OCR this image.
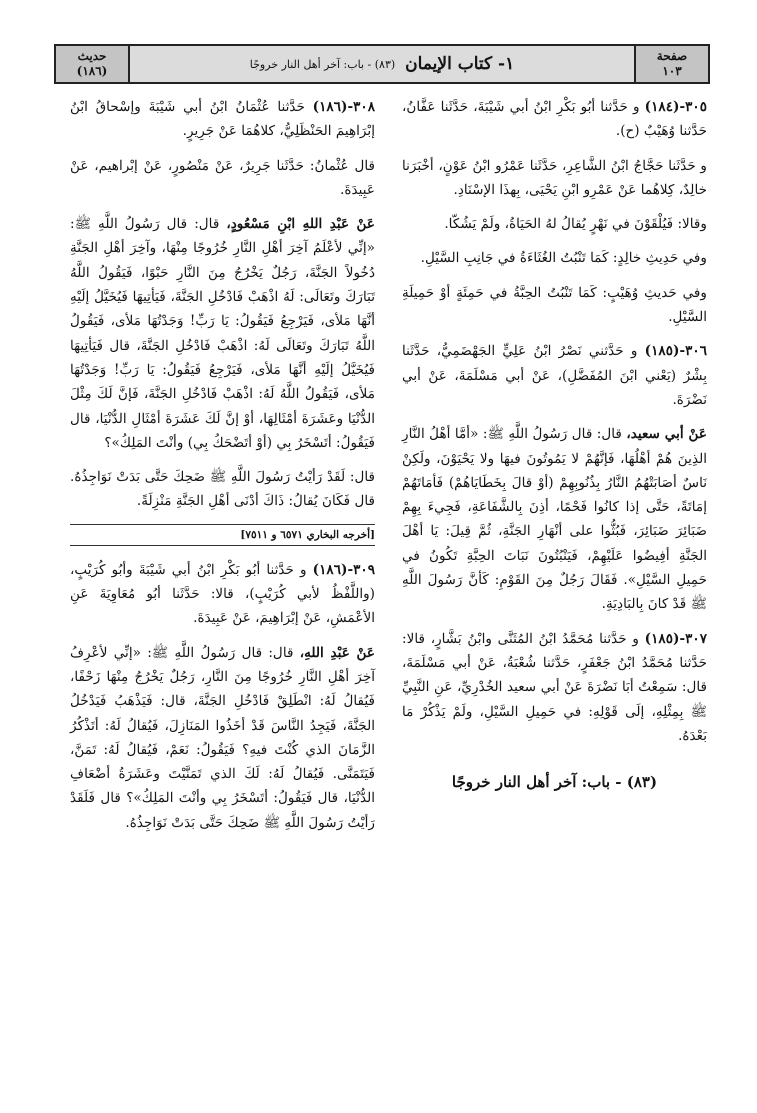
صفحة
١٠٣
١- كتاب الإيمان
(٨٣) - باب: آخر أهل النار خروجًا
حديث
(١٨٦)

٣٠٥-(١٨٤) و حَدَّثنا أبُو بَكْرِ ابْنُ أبي شَيْبَةَ، حَدَّثَنا عَفَّانُ، حَدَّثنا وُهَيْبٌ (ح).

و حَدَّثَنا حَجَّاجُ ابْنُ الشَّاعِرِ، حَدَّثَنا عَمْرُو ابْنُ عَوْنٍ، أخْبَرَنا خالِدٌ، كِلاهُما عَنْ عَمْرِو ابْنِ يَحْيَى، بِهذَا الإسْنَادِ.

وقالا: فَيُلْقَوْنَ في نَهْرٍ يُقالُ لهُ الحَيَاةُ، ولَمْ يَشُكّا.

وفي حَدِيثِ خالِدٍ: كَمَا تَنْبُتُ الغُثَاءَةُ في جَانِبِ السَّيْلِ.

وفي حَديثِ وُهَيْبٍ: كَمَا تَنْبُتُ الحِبَّةُ في حَمِئَةٍ أوْ حَمِيلَةِ السَّيْلِ.

٣٠٦-(١٨٥) و حَدَّثني نَصْرُ ابْنُ عَلِيٍّ الجَهْضَمِيُّ، حَدَّثَنا بِشْرٌ (يَعْني ابْنَ المُفَضَّلِ)، عَنْ أبي مَسْلَمَةَ، عَنْ أبي نَضْرَةَ.

عَنْ أبي سعيد، قال: قال رَسُولُ اللَّهِ ﷺ: «أمَّا أهْلُ النَّارِ الذِينَ هُمْ أهْلُهَا، فَإنَّهُمْ لا يَمُوتُونَ فيهَا ولا يَحْيَوْنَ، ولَكِنْ نَاسٌ أصَابَتْهُمُ النَّارُ بِذُنُوبِهِمْ (أوْ قالَ بِخَطَايَاهُمْ) فَأمَاتَهُمْ إمَاتَةً، حَتَّى إذا كانُوا فَحْمًا، أذِنَ بِالشَّفَاعَةِ، فَجِيءَ بِهِمْ ضَبَائِرَ ضَبَائِرَ، فَبُثُّوا على أنْهَارِ الجَنَّةِ، ثُمَّ قِيلَ: يَا أهْلَ الجَنَّةِ أفِيضُوا عَلَيْهِمْ، فَيَنْبُتُونَ نَبَاتَ الحِبَّةِ تَكُونُ في حَمِيلِ السَّيْلِ». فَقَالَ رَجُلٌ مِنَ القَوْمِ: كَأنَّ رَسُولَ اللَّهِ ﷺ قَدْ كانَ بِالبَادِيَةِ.

٣٠٧-(١٨٥) و حَدَّثنا مُحَمَّدُ ابْنُ المُثَنَّى وابْنُ بَشَّارٍ، قالا: حَدَّثنا مُحَمَّدُ ابْنُ جَعْفَرٍ، حَدَّثنا شُعْبَةُ، عَنْ أبي مَسْلَمَةَ، قال: سَمِعْتُ أبَا نَضْرَةَ عَنْ أبي سعيد الخُدْرِيِّ، عَنِ النَّبِيِّ ﷺ بِمِثْلِهِ، إلَى قَوْلِهِ: في حَمِيلِ السَّيْلِ، ولَمْ يَذْكُرْ مَا بَعْدَهُ.

(٨٣) - باب: آخر أهل النار خروجًا

٣٠٨-(١٨٦) حَدَّثنا عُثْمَانُ ابْنُ أبي شَيْبَةَ وإسْحاقُ ابْنُ إبْرَاهِيمَ الحَنْظَلِيُّ، كلاهُمَا عَنْ جَرِيرٍ.

قال عُثْمانُ: حَدَّثَنا جَرِيرٌ، عَنْ مَنْصُورٍ، عَنْ إبْراهيم، عَنْ عَبِيدَةَ.

عَنْ عَبْدِ اللهِ ابْنِ مَسْعُودٍ، قال: قال رَسُولُ اللَّهِ ﷺ: «إنِّي لأعْلَمُ آخِرَ أهْلِ النَّارِ خُرُوجًا مِنْهَا، وآخِرَ أهْلِ الجَنَّةِ دُخُولاً الجَنَّةَ، رَجُلٌ يَخْرُجُ مِنَ النَّارِ حَبْوًا، فَيَقُولُ اللَّهُ تَبَارَكَ وتَعَالَى: لَهُ اذْهَبْ فَادْخُلِ الجَنَّةَ، فَيَأتِيهَا فَيُخَيَّلُ إلَيْهِ أنَّهَا مَلأى، فَيَرْجِعُ فَيَقُولُ: يَا رَبِّ! وَجَدْتُهَا مَلأى، فَيَقُولُ اللَّهُ تَبَارَكَ وتَعَالَى لَهُ: اذْهَبْ فَادْخُلِ الجَنَّةَ، قال فَيَأتِيهَا فَيُخَيَّلُ إلَيْهِ أنَّهَا مَلأى، فَيَرْجِعُ فَيَقُولُ: يَا رَبِّ! وَجَدْتُهَا مَلأى، فَيَقُولُ اللَّهُ لَهُ: اذْهَبْ فَادْخُلِ الجَنَّةَ، فَإنَّ لَكَ مِثْلَ الدُّنْيَا وعَشَرَةَ أمْثَالِهَا، أوْ إنَّ لَكَ عَشَرَةَ أمْثَالِ الدُّنْيَا، قال فَيَقُولُ: أتَسْخَرُ بِي (أوْ أتَضْحَكُ بِي) وأنْتَ المَلِكُ»؟

قال: لَقَدْ رَأيْتُ رَسُولَ اللَّهِ ﷺ ضَحِكَ حَتَّى بَدَتْ نَوَاجِذُهُ. قال فَكَانَ يُقالُ: ذَاكَ أدْنَى أهْلِ الجَنَّةِ مَنْزِلَةً.

[أخرجه البخاري ٦٥٧١ و ٧٥١١]

٣٠٩-(١٨٦) و حَدَّثنا أبُو بَكْرِ ابْنُ أبي شَيْبَةَ وأبُو كُرَيْبٍ، (واللَّفْظُ لأبي كُرَيْبٍ)، قالا: حَدَّثَنا أبُو مُعَاوِيَةَ عَنِ الأعْمَشِ، عَنْ إبْرَاهِيمَ، عَنْ عَبِيدَةَ.

عَنْ عَبْدِ اللهِ، قال: قال رَسُولُ اللَّهِ ﷺ: «إنِّي لأعْرِفُ آخِرَ أهْلِ النَّارِ خُرُوجًا مِنَ النَّارِ، رَجُلٌ يَخْرُجُ مِنْهَا زَحْفًا، فَيُقالُ لَهُ: انْطَلِقْ فَادْخُلِ الجَنَّةَ، قال: فَيَذْهَبُ فَيَدْخُلُ الجَنَّةَ، فَيَجِدُ النَّاسَ قَدْ أخَذُوا المَنَازِلَ، فَيُقالُ لَهُ: أتَذْكُرُ الزَّمَانَ الذي كُنْتَ فيهِ؟ فَيَقُولُ: نَعَمْ، فَيُقالُ لَهُ: تَمَنَّ، فَيَتَمَنَّى. فَيُقالُ لَهُ: لَكَ الذي تَمَنَّيْتَ وعَشَرَةُ أضْعَافِ الدُّنْيَا، قال فَيَقُولُ: أتَسْخَرُ بِي وأنْتَ المَلِكُ»؟ قال فَلَقَدْ رَأيْتُ رَسُولَ اللَّهِ ﷺ ضَحِكَ حَتَّى بَدَتْ نَوَاجِذُهُ.
